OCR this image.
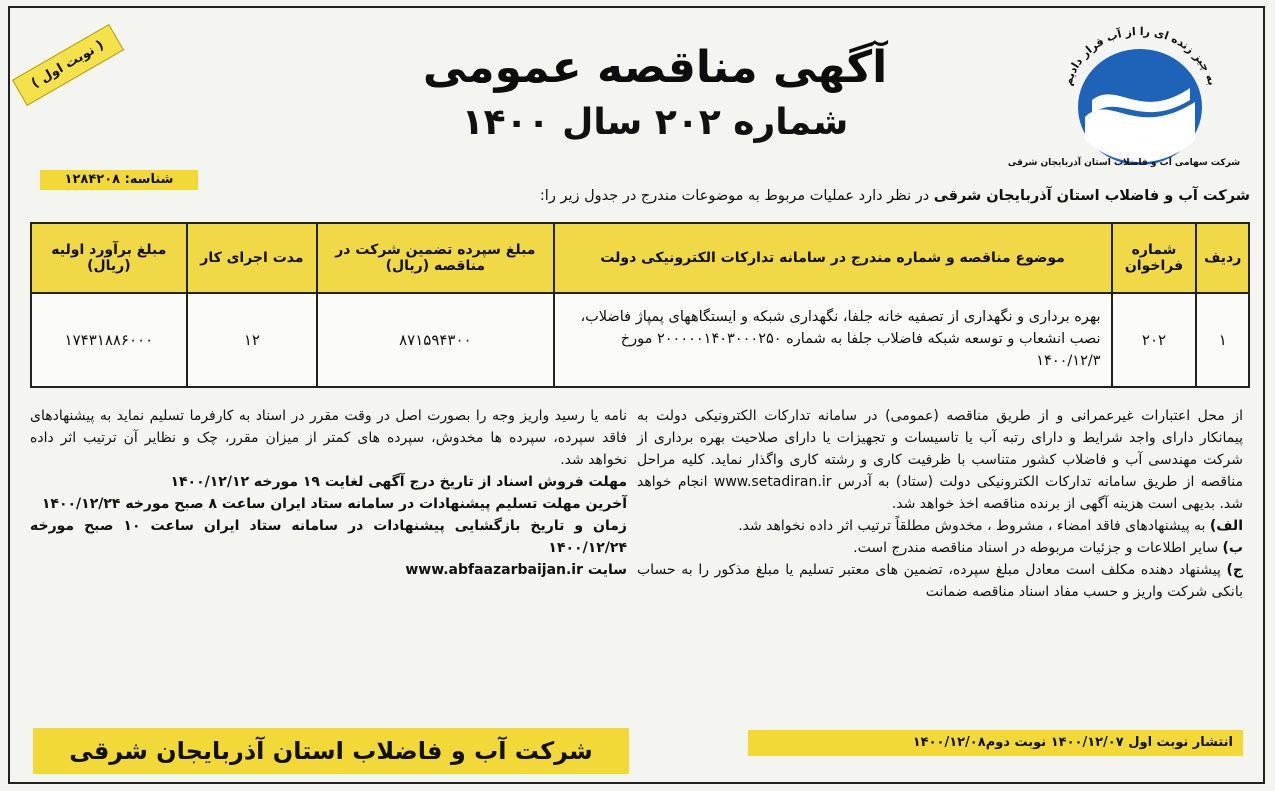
به چیز زنده ای را از آب قرار دادیم
شرکت سهامی آب و فاضلاب استان آذربایجان شرقی
آگهی مناقصه عمومی
شماره ۲۰۲ سال ۱۴۰۰
( نوبت اول )
شناسه: ۱۲۸۴۲۰۸
شرکت آب و فاضلاب استان آذربایجان شرقی در نظر دارد عملیات مربوط به موضوعات مندرج در جدول زیر را:
ردیف	شماره فراخوان	موضوع مناقصه و شماره مندرج در سامانه تدارکات الکترونیکی دولت	مبلغ سپرده تضمین شرکت در مناقصه (ریال)	مدت اجرای کار	مبلغ برآورد اولیه (ریال)
۱	۲۰۲	بهره برداری و نگهداری از تصفیه خانه جلفا، نگهداری شبکه و ایستگاههای پمپاژ فاضلاب، نصب انشعاب و توسعه شبکه فاضلاب جلفا به شماره ۲۰۰۰۰۰۱۴۰۳۰۰۰۲۵۰ مورخ ۱۴۰۰/۱۲/۳	۸۷۱۵۹۴۳۰۰	۱۲	۱۷۴۳۱۸۸۶۰۰۰

از محل اعتبارات غیرعمرانی و از طریق مناقصه (عمومی) در سامانه تدارکات الکترونیکی دولت به پیمانکار دارای واجد شرایط و دارای رتبه آب یا تاسیسات و تجهیزات یا دارای صلاحیت بهره برداری از شرکت مهندسی آب و فاضلاب کشور متناسب با ظرفیت کاری و رشته کاری واگذار نماید. کلیه مراحل مناقصه از طریق سامانه تدارکات الکترونیکی دولت (ستاد) به آدرس www.setadiran.ir انجام خواهد شد. بدیهی است هزینه آگهی از برنده مناقصه اخذ خواهد شد.

الف) به پیشنهادهای فاقد امضاء ، مشروط ، مخدوش مطلقاً ترتیب اثر داده نخواهد شد.

ب) سایر اطلاعات و جزئیات مربوطه در اسناد مناقصه مندرج است.

ج) پیشنهاد دهنده مکلف است معادل مبلغ سپرده، تضمین های معتبر تسلیم یا مبلغ مذکور را به حساب بانکی شرکت واریز و حسب مفاد اسناد مناقصه ضمانت

نامه یا رسید واریز وجه را بصورت اصل در وقت مقرر در اسناد به کارفرما تسلیم نماید به پیشنهادهای فاقد سپرده، سپرده ها مخدوش، سپرده های کمتر از میزان مقرر، چک و نظایر آن ترتیب اثر داده نخواهد شد.

مهلت فروش اسناد از تاریخ درج آگهی لغایت ۱۹ مورخه ۱۴۰۰/۱۲/۱۲

آخرین مهلت تسلیم پیشنهادات در سامانه ستاد ایران ساعت ۸ صبح مورخه ۱۴۰۰/۱۲/۲۴

زمان و تاریخ بازگشایی پیشنهادات در سامانه ستاد ایران ساعت ۱۰ صبح مورخه ۱۴۰۰/۱۲/۲۴

سایت www.abfaazarbaijan.ir

انتشار نوبت اول ۱۴۰۰/۱۲/۰۷ نوبت دوم۱۴۰۰/۱۲/۰۸
شرکت آب و فاضلاب استان آذربایجان شرقی
